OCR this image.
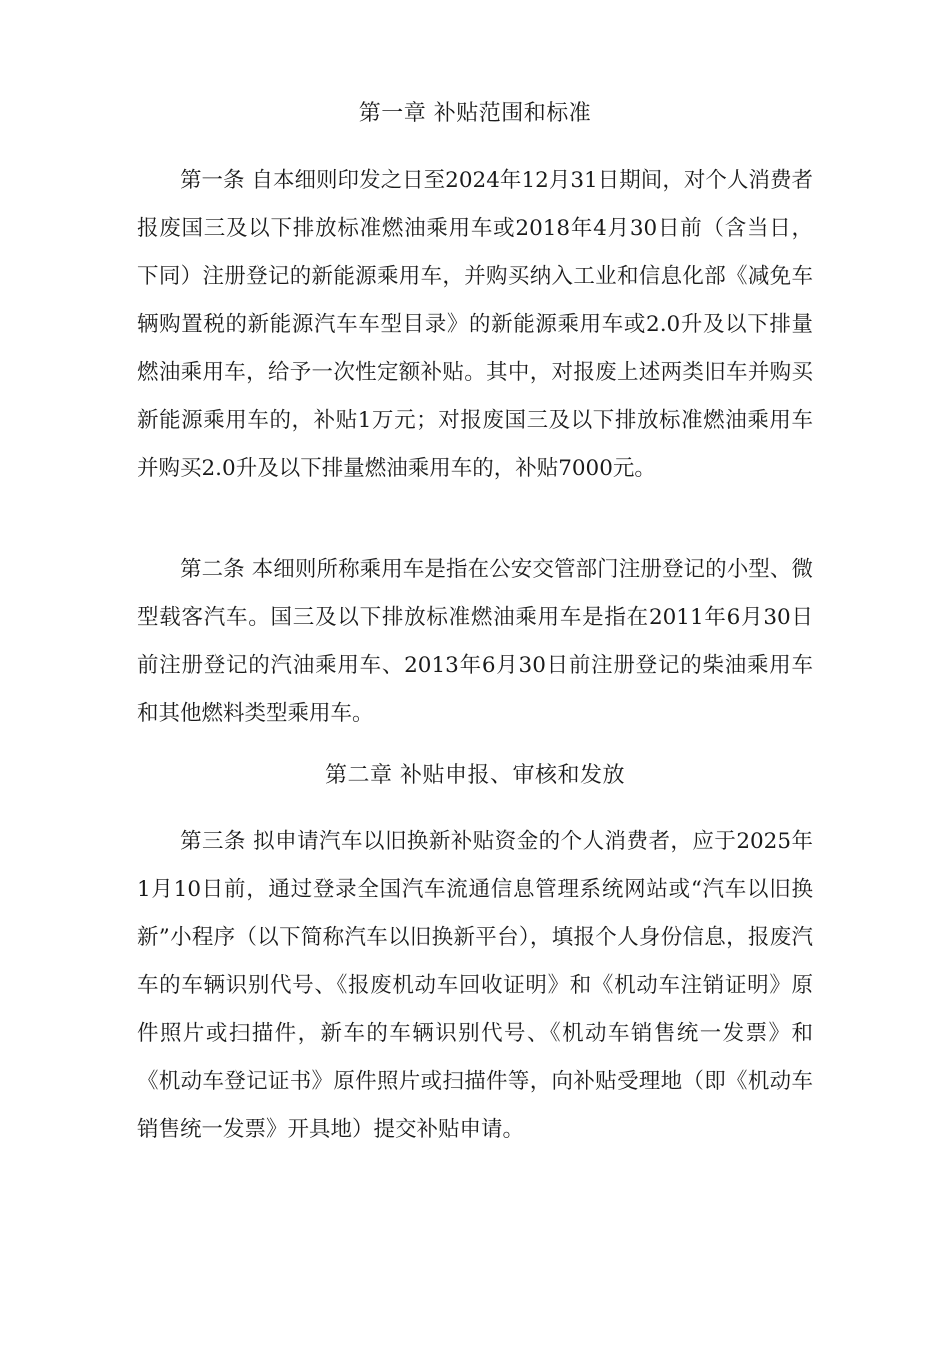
第一章 补贴范围和标准

第一条 自本细则印发之日至2024年12月31日期间，对个人消费者报废国三及以下排放标准燃油乘用车或2018年4月30日前（含当日，下同）注册登记的新能源乘用车，并购买纳入工业和信息化部《减免车辆购置税的新能源汽车车型目录》的新能源乘用车或2.0升及以下排量燃油乘用车，给予一次性定额补贴。其中，对报废上述两类旧车并购买新能源乘用车的，补贴1万元；对报废国三及以下排放标准燃油乘用车并购买2.0升及以下排量燃油乘用车的，补贴7000元。

第二条 本细则所称乘用车是指在公安交管部门注册登记的小型、微型载客汽车。国三及以下排放标准燃油乘用车是指在2011年6月30日前注册登记的汽油乘用车、2013年6月30日前注册登记的柴油乘用车和其他燃料类型乘用车。

第二章 补贴申报、审核和发放

第三条 拟申请汽车以旧换新补贴资金的个人消费者，应于2025年1月10日前，通过登录全国汽车流通信息管理系统网站或“汽车以旧换新”小程序（以下简称汽车以旧换新平台），填报个人身份信息，报废汽车的车辆识别代号、《报废机动车回收证明》和《机动车注销证明》原件照片或扫描件，新车的车辆识别代号、《机动车销售统一发票》和《机动车登记证书》原件照片或扫描件等，向补贴受理地（即《机动车销售统一发票》开具地）提交补贴申请。
